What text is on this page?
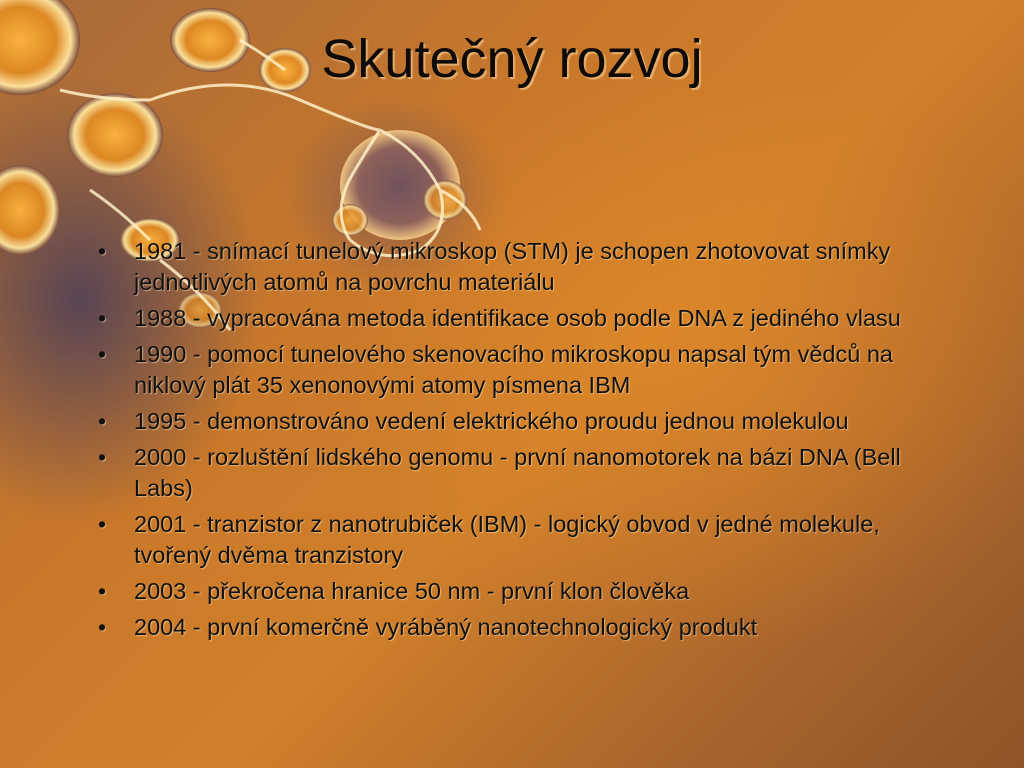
Skutečný rozvoj
• 1981 - snímací tunelový mikroskop (STM) je schopen zhotovovat snímky jednotlivých atomů na povrchu materiálu
• 1988 - vypracována metoda identifikace osob podle DNA z jediného vlasu
• 1990 - pomocí tunelového skenovacího mikroskopu napsal tým vědců na niklový plát 35 xenonovými atomy písmena IBM
• 1995 - demonstrováno vedení elektrického proudu jednou molekulou
• 2000 - rozluštění lidského genomu - první nanomotorek na bázi DNA (Bell Labs)
• 2001 - tranzistor z nanotrubiček (IBM) - logický obvod v jedné molekule, tvořený dvěma tranzistory
• 2003 - překročena hranice 50 nm - první klon člověka
• 2004 - první komerčně vyráběný nanotechnologický produkt
